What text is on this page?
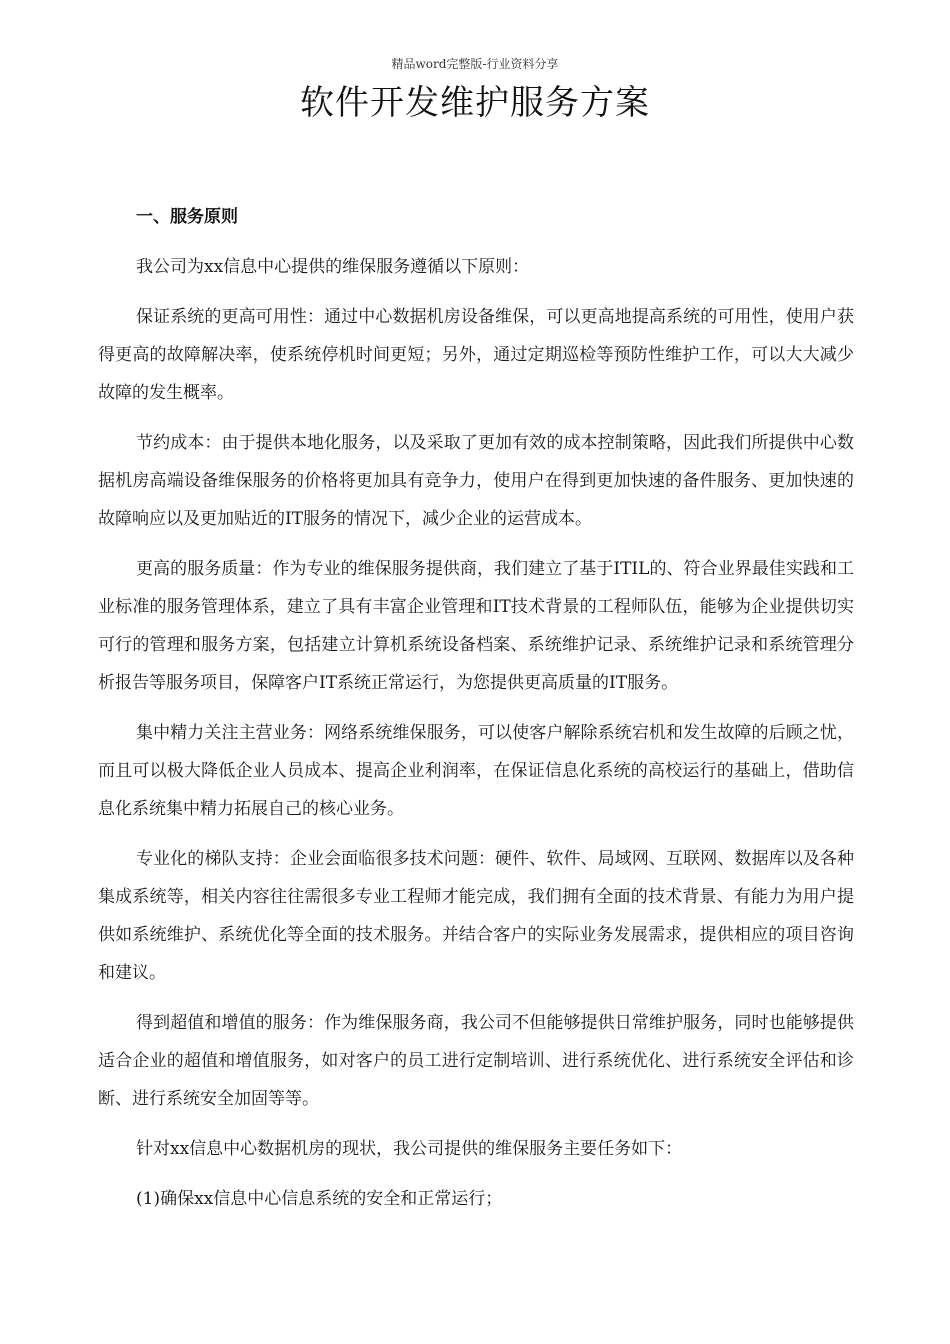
精品word完整版-行业资料分享
软件开发维护服务方案
一、服务原则

我公司为xx信息中心提供的维保服务遵循以下原则：

保证系统的更高可用性：通过中心数据机房设备维保，可以更高地提高系统的可用性，使用户获得更高的故障解决率，使系统停机时间更短；另外，通过定期巡检等预防性维护工作，可以大大减少故障的发生概率。

节约成本：由于提供本地化服务，以及采取了更加有效的成本控制策略，因此我们所提供中心数据机房高端设备维保服务的价格将更加具有竞争力，使用户在得到更加快速的备件服务、更加快速的故障响应以及更加贴近的IT服务的情况下，减少企业的运营成本。

更高的服务质量：作为专业的维保服务提供商，我们建立了基于ITIL的、符合业界最佳实践和工业标准的服务管理体系，建立了具有丰富企业管理和IT技术背景的工程师队伍，能够为企业提供切实可行的管理和服务方案，包括建立计算机系统设备档案、系统维护记录、系统维护记录和系统管理分析报告等服务项目，保障客户IT系统正常运行，为您提供更高质量的IT服务。

集中精力关注主营业务：网络系统维保服务，可以使客户解除系统宕机和发生故障的后顾之忧，而且可以极大降低企业人员成本、提高企业利润率，在保证信息化系统的高校运行的基础上，借助信息化系统集中精力拓展自己的核心业务。

专业化的梯队支持：企业会面临很多技术问题：硬件、软件、局域网、互联网、数据库以及各种集成系统等，相关内容往往需很多专业工程师才能完成，我们拥有全面的技术背景、有能力为用户提供如系统维护、系统优化等全面的技术服务。并结合客户的实际业务发展需求，提供相应的项目咨询和建议。

得到超值和增值的服务：作为维保服务商，我公司不但能够提供日常维护服务，同时也能够提供适合企业的超值和增值服务，如对客户的员工进行定制培训、进行系统优化、进行系统安全评估和诊断、进行系统安全加固等等。

针对xx信息中心数据机房的现状，我公司提供的维保服务主要任务如下：

(1)确保xx信息中心信息系统的安全和正常运行；
